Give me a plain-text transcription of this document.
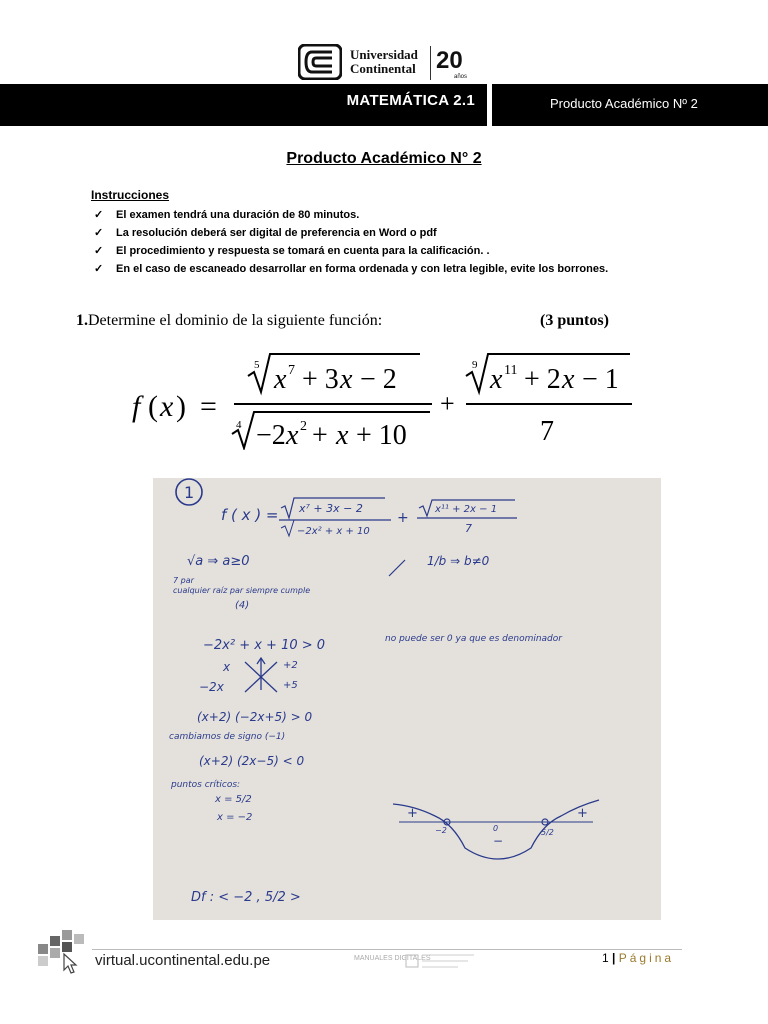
Universidad
Continental 20
años
MATEMÁTICA 2.1	Producto Académico Nº 2
Producto Académico N° 2
Instrucciones
✓ El examen tendrá una duración de 80 minutos.
✓ La resolución deberá ser digital de preferencia en Word o pdf
✓ El procedimiento y respuesta se tomará en cuenta para la calificación. .
✓ En el caso de escaneado desarrollar en forma ordenada y con letra legible, evite los borrones.
1.Determine el dominio de la siguiente función:	(3 puntos)
f ( x ) =
5 x 7 + 3 x − 2
4 −2 x 2 + x + 10
+
9 x 11 + 2 x − 1
7
1
f ( x ) = x⁷ + 3x − 2
−2x² + x + 10
+
x¹¹ + 2x − 1
7
√a ⇒ a≥0
7 par
cualquier raíz par siempre cumple
(4)
1/b ⇒ b≠0
−2x² + x + 10 > 0	no puede ser 0 ya que es denominador
x
−2x
+2
+5
(x+2) (−2x+5) > 0
cambiamos de signo (−1)
(x+2) (2x−5) < 0
puntos críticos:
x = 5/2
x = −2	+	+
−
−2	0	5/2
Df : < −2 , 5/2 >
virtual.ucontinental.edu.pe	MANUALES DIGITALES	1 | Página
